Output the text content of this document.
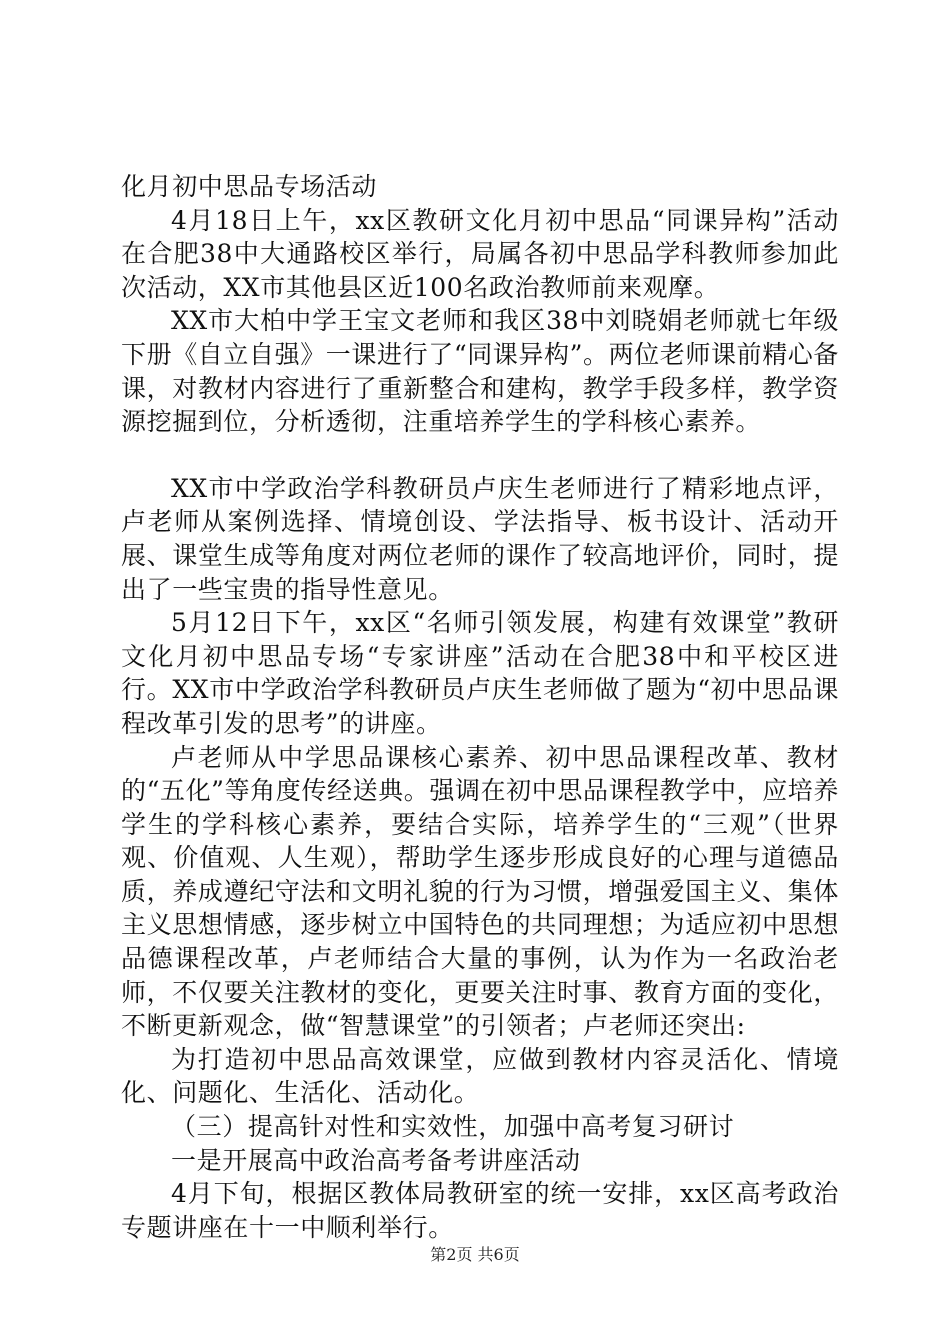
化月初中思品专场活动

4月18日上午，xx区教研文化月初中思品“同课异构”活动在合肥38中大通路校区举行，局属各初中思品学科教师参加此次活动，XX市其他县区近100名政治教师前来观摩。

XX市大柏中学王宝文老师和我区38中刘晓娟老师就七年级下册《自立自强》一课进行了“同课异构”。两位老师课前精心备课，对教材内容进行了重新整合和建构，教学手段多样，教学资源挖掘到位，分析透彻，注重培养学生的学科核心素养。

XX市中学政治学科教研员卢庆生老师进行了精彩地点评，卢老师从案例选择、情境创设、学法指导、板书设计、活动开展、课堂生成等角度对两位老师的课作了较高地评价，同时，提出了一些宝贵的指导性意见。

5月12日下午，xx区“名师引领发展，构建有效课堂”教研文化月初中思品专场“专家讲座”活动在合肥38中和平校区进行。XX市中学政治学科教研员卢庆生老师做了题为“初中思品课程改革引发的思考”的讲座。

卢老师从中学思品课核心素养、初中思品课程改革、教材的“五化”等角度传经送典。强调在初中思品课程教学中，应培养学生的学科核心素养，要结合实际，培养学生的“三观”（世界观、价值观、人生观），帮助学生逐步形成良好的心理与道德品质，养成遵纪守法和文明礼貌的行为习惯，增强爱国主义、集体主义思想情感，逐步树立中国特色的共同理想；为适应初中思想品德课程改革，卢老师结合大量的事例，认为作为一名政治老师，不仅要关注教材的变化，更要关注时事、教育方面的变化，不断更新观念，做“智慧课堂”的引领者；卢老师还突出:

为打造初中思品高效课堂，应做到教材内容灵活化、情境化、问题化、生活化、活动化。

（三）提高针对性和实效性，加强中高考复习研讨

一是开展高中政治高考备考讲座活动

4月下旬，根据区教体局教研室的统一安排，xx区高考政治专题讲座在十一中顺利举行。

第2页 共6页
